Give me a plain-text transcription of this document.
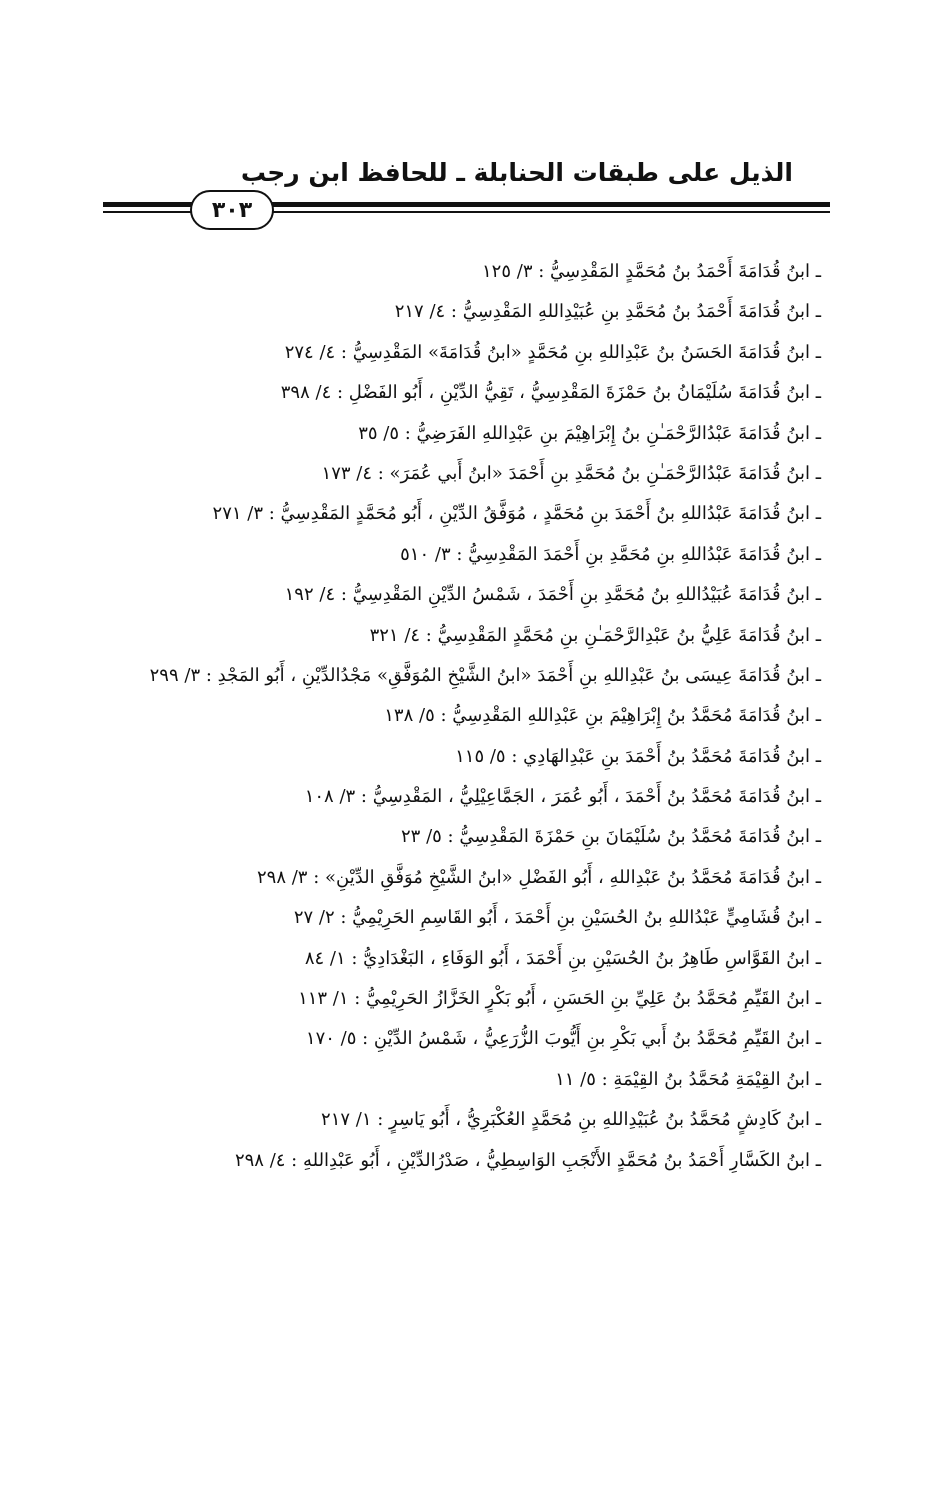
الذيل على طبقات الحنابلة ـ للحافظ ابن رجب
٣٠٣
ـ ابنُ قُدَامَةَ أَحْمَدُ بنُ مُحَمَّدٍ المَقْدِسِيُّ : ٣/ ١٢٥
ـ ابنُ قُدَامَةَ أَحْمَدُ بنُ مُحَمَّدِ بنِ عُبَيْدِاللهِ المَقْدِسِيُّ : ٤/ ٢١٧
ـ ابنُ قُدَامَةَ الحَسَنُ بنُ عَبْدِاللهِ بنِ مُحَمَّدٍ «ابنُ قُدَامَةَ» المَقْدِسِيُّ : ٤/ ٢٧٤
ـ ابنُ قُدَامَةَ سُلَيْمَانُ بنُ حَمْزَةَ المَقْدِسِيُّ ، تَقِيُّ الدِّيْنِ ، أَبُو الفَضْلِ : ٤/ ٣٩٨
ـ ابنُ قُدَامَةَ عَبْدُالرَّحْمَـٰنِ بنُ إِبْرَاهِيْمَ بنِ عَبْدِاللهِ الفَرَضِيُّ : ٥/ ٣٥
ـ ابنُ قُدَامَةَ عَبْدُالرَّحْمَـٰنِ بنُ مُحَمَّدِ بنِ أَحْمَدَ «ابنُ أَبي عُمَرَ» : ٤/ ١٧٣
ـ ابنُ قُدَامَةَ عَبْدُاللهِ بنُ أَحْمَدَ بنِ مُحَمَّدٍ ، مُوَفَّقُ الدِّيْنِ ، أَبُو مُحَمَّدٍ المَقْدِسِيُّ : ٣/ ٢٧١
ـ ابنُ قُدَامَةَ عَبْدُاللهِ بنِ مُحَمَّدِ بنِ أَحْمَدَ المَقْدِسِيُّ : ٣/ ٥١٠
ـ ابنُ قُدَامَةَ عُبَيْدُاللهِ بنُ مُحَمَّدِ بنِ أَحْمَدَ ، شَمْسُ الدِّيْنِ المَقْدِسِيُّ : ٤/ ١٩٢
ـ ابنُ قُدَامَةَ عَلِيُّ بنُ عَبْدِالرَّحْمَـٰنِ بنِ مُحَمَّدٍ المَقْدِسِيُّ : ٤/ ٣٢١
ـ ابنُ قُدَامَةَ عِيسَى بنُ عَبْدِاللهِ بنِ أَحْمَدَ «ابنُ الشَّيْخِ المُوَفَّقِ» مَجْدُالدِّيْنِ ، أَبُو المَجْدِ : ٣/ ٢٩٩
ـ ابنُ قُدَامَةَ مُحَمَّدُ بنُ إِبْرَاهِيْمَ بنِ عَبْدِاللهِ المَقْدِسِيُّ : ٥/ ١٣٨
ـ ابنُ قُدَامَةَ مُحَمَّدُ بنُ أَحْمَدَ بنِ عَبْدِالهَادِي : ٥/ ١١٥
ـ ابنُ قُدَامَةَ مُحَمَّدُ بنُ أَحْمَدَ ، أَبُو عُمَرَ ، الجَمَّاعِيْلِيُّ ، المَقْدِسِيُّ : ٣/ ١٠٨
ـ ابنُ قُدَامَةَ مُحَمَّدُ بنُ سُلَيْمَانَ بنِ حَمْزَةَ المَقْدِسِيُّ : ٥/ ٢٣
ـ ابنُ قُدَامَةَ مُحَمَّدُ بنُ عَبْدِاللهِ ، أَبُو الفَضْلِ «ابنُ الشَّيْخِ مُوَفَّقِ الدِّيْنِ» : ٣/ ٢٩٨
ـ ابنُ قُشَامِيٍّ عَبْدُاللهِ بنُ الحُسَيْنِ بنِ أَحْمَدَ ، أَبُو القَاسِمِ الحَرِيْمِيُّ : ٢/ ٢٧
ـ ابنُ القَوَّاسِ طَاهِرُ بنُ الحُسَيْنِ بنِ أَحْمَدَ ، أَبُو الوَفَاءِ ، البَغْدَادِيُّ : ١/ ٨٤
ـ ابنُ القَيِّمِ مُحَمَّدُ بنُ عَلِيِّ بنِ الحَسَنِ ، أَبُو بَكْرٍ الخَزَّازُ الحَرِيْمِيُّ : ١/ ١١٣
ـ ابنُ القَيِّمِ مُحَمَّدُ بنُ أَبي بَكْرِ بنِ أَيُّوبَ الزُّرَعِيُّ ، شَمْسُ الدِّيْنِ : ٥/ ١٧٠
ـ ابنُ القِيْمَةِ مُحَمَّدُ بنُ القِيْمَةِ : ٥/ ١١
ـ ابنُ كَادِشٍ مُحَمَّدُ بنُ عُبَيْدِاللهِ بنِ مُحَمَّدٍ العُكْبَرِيُّ ، أَبُو يَاسِرٍ : ١/ ٢١٧
ـ ابنُ الكَسَّارِ أَحْمَدُ بنُ مُحَمَّدٍ الأَنْجَبِ الوَاسِطِيُّ ، صَدْرُالدِّيْنِ ، أَبُو عَبْدِاللهِ : ٤/ ٢٩٨
